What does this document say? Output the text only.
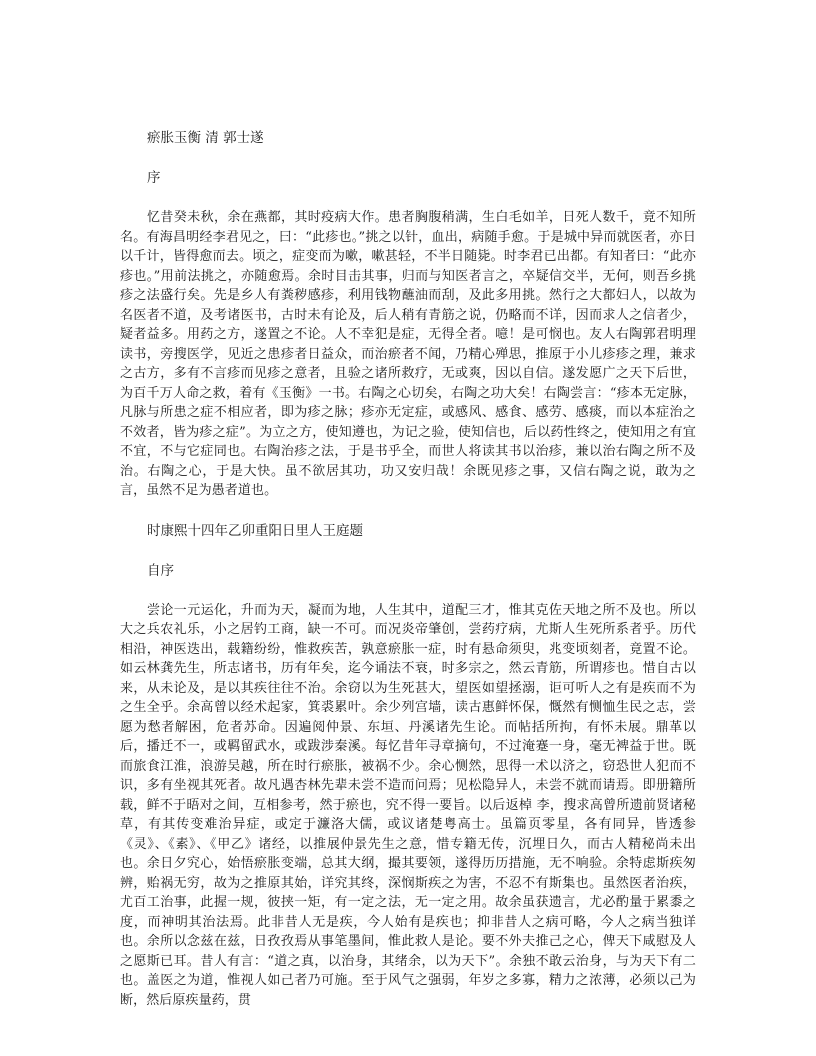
瘀胀玉衡 清 郭士遂
序

忆昔癸未秋，余在燕都，其时疫病大作。患者胸腹稍满，生白毛如羊，日死人数千，竟不知所名。有海昌明经李君见之，曰：“此疹也。”挑之以针，血出，病随手愈。于是城中异而就医者，亦日以千计，皆得愈而去。顷之，症变而为嗽，嗽甚轻，不半日随毙。时李君已出都。有知者曰：“此亦疹也。”用前法挑之，亦随愈焉。余时目击其事，归而与知医者言之，卒疑信交半，无何，则吾乡挑疹之法盛行矣。先是乡人有粪秽感疹，利用钱物蘸油而刮，及此多用挑。然行之大都妇人，以故为名医者不道，及考诸医书，古时未有论及，后人稍有青筋之说，仍略而不详，因而求人之信者少，疑者益多。用药之方，遂置之不论。人不幸犯是症，无得全者。噫！是可悯也。友人右陶郭君明理读书，旁搜医学，见近之患疹者日益众，而治瘀者不闻，乃精心殚思，推原于小儿疹疹之理，兼求之古方，多有不言疹而见疹之意者，且验之诸所救疗，无或爽，因以自信。遂发愿广之天下后世，为百千万人命之救，着有《玉衡》一书。右陶之心切矣，右陶之功大矣！右陶尝言：“疹本无定脉，凡脉与所患之症不相应者，即为疹之脉；疹亦无定症，或感风、感食、感劳、感痰，而以本症治之不效者，皆为疹之症”。为立之方，使知遵也，为记之验，使知信也，后以药性终之，使知用之有宜不宜，不与它症同也。右陶治疹之法，于是书乎全，而世人将读其书以治疹，兼以治右陶之所不及治。右陶之心，于是大快。虽不欲居其功，功又安归哉！余既见疹之事，又信右陶之说，敢为之言，虽然不足为愚者道也。

时康熙十四年乙卯重阳日里人王庭题
自序

尝论一元运化，升而为天，凝而为地，人生其中，道配三才，惟其克佐天地之所不及也。所以大之兵农礼乐，小之居钓工商，缺一不可。而况炎帝肇创，尝药疗病，尤斯人生死所系者乎。历代相沿，神医迭出，载籍纷纷，惟救疾苦，孰意瘀胀一症，时有悬命须臾，兆变顷刻者，竟置不论。如云林龚先生，所志诸书，历有年矣，迄今诵法不衰，时多宗之，然云青筋，所谓疹也。惜自古以来，从未论及，是以其疾往往不治。余窃以为生死甚大，望医如望拯溺，讵可听人之有是疾而不为之生全乎。余高曾以经术起家，箕裘累叶。余少列宫墙，读古惠鲜怀保，慨然有恻恤生民之志，尝愿为愁者解困，危者苏命。因遍阅仲景、东垣、丹溪诸先生论。而帖括所拘，有怀未展。鼎革以后，播迁不一，或羁留武水，或跋涉秦溪。每忆昔年寻章摘句，不过淹蹇一身，毫无裨益于世。既而旅食江淮，浪游吴越，所在时行瘀胀，被祸不少。余心恻然，思得一术以济之，窃恐世人犯而不识，多有坐视其死者。故凡遇杏林先辈未尝不造而问焉；见松隐异人，未尝不就而请焉。即册籍所载，鲜不于晤对之间，互相参考，然于瘀也，究不得一要旨。以后返棹 李，搜求高曾所遗前贤诸秘草，有其传变难治异症，或定于濂洛大儒，或议诸楚粤高士。虽篇页零星，各有同异，皆透参《灵》、《素》、《甲乙》诸经，以推展仲景先生之意，惜专籍无传，沉埋日久，而古人精秘尚未出也。余日夕究心，始悟瘀胀变端，总其大纲，撮其要领，遂得历历措施，无不响验。余特虑斯疾匆辨，贻祸无穷，故为之推原其始，详究其终，深悯斯疾之为害，不忍不有斯集也。虽然医者治疾，尤百工治事，此握一规，彼挟一矩，有一定之法，无一定之用。故余虽获遗言，尤必酌量于累黍之度，而神明其治法焉。此非昔人无是疾，今人始有是疾也；抑非昔人之病可略，今人之病当独详也。余所以念兹在兹，日孜孜焉从事笔墨间，惟此救人是论。要不外夫推己之心，俾天下咸慰及人之愿斯已耳。昔人有言：“道之真，以治身，其绪余，以为天下”。余独不敢云治身，与为天下有二也。盖医之为道，惟视人如己者乃可施。至于风气之强弱，年岁之多寡，精力之浓薄，必须以己为断，然后原疾量药，贯
